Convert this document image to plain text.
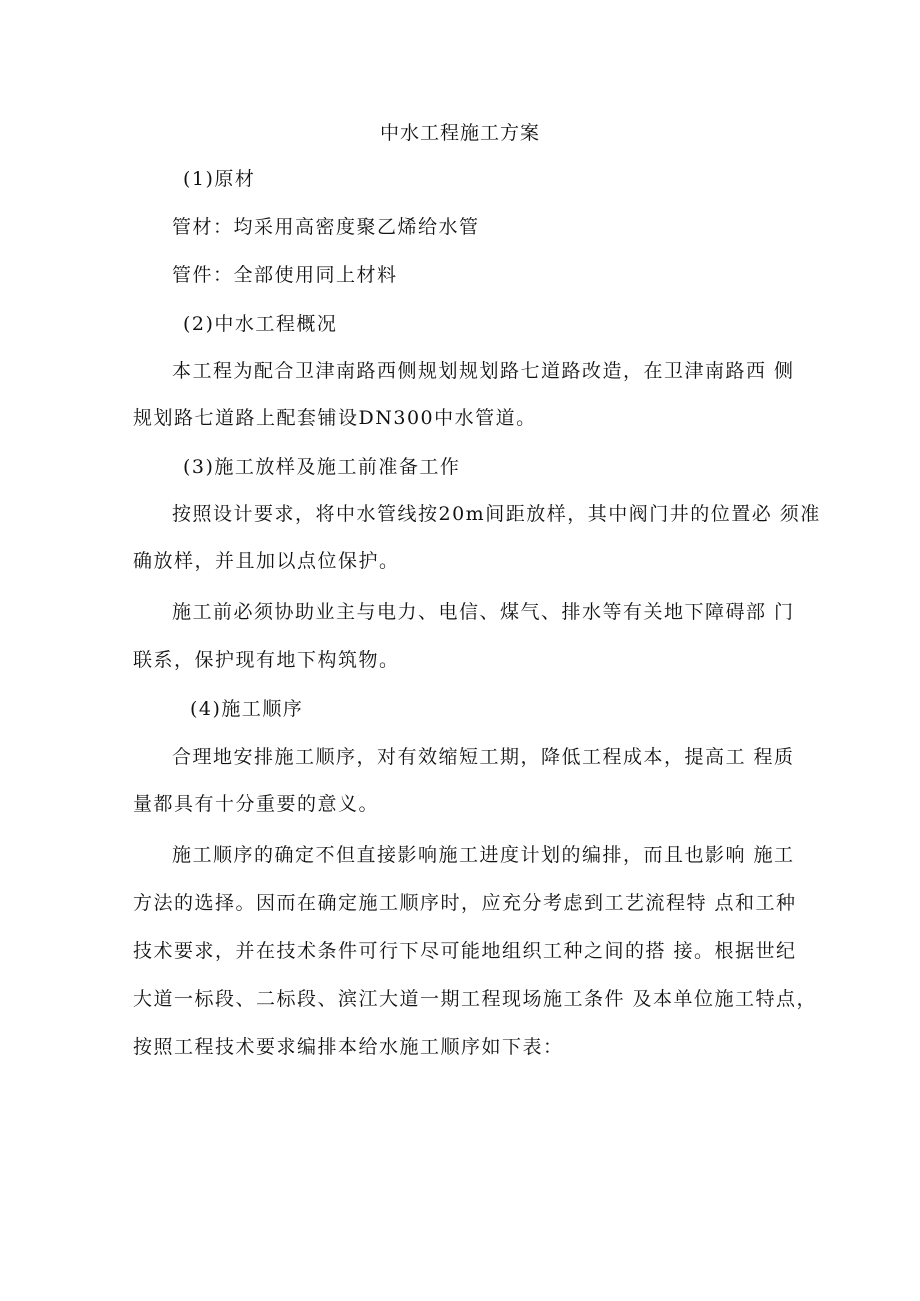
中水工程施工方案
(1)原材
管材：均采用高密度聚乙烯给水管
管件：全部使用同上材料
(2)中水工程概况
本工程为配合卫津南路西侧规划规划路七道路改造，在卫津南路西 侧
规划路七道路上配套铺设DN300中水管道。
(3)施工放样及施工前准备工作
按照设计要求，将中水管线按20m间距放样，其中阀门井的位置必 须准
确放样，并且加以点位保护。
施工前必须协助业主与电力、电信、煤气、排水等有关地下障碍部 门
联系，保护现有地下构筑物。
(4)施工顺序
合理地安排施工顺序，对有效缩短工期，降低工程成本，提高工 程质
量都具有十分重要的意义。
施工顺序的确定不但直接影响施工进度计划的编排，而且也影响 施工
方法的选择。因而在确定施工顺序时，应充分考虑到工艺流程特 点和工种
技术要求，并在技术条件可行下尽可能地组织工种之间的搭 接。根据世纪
大道一标段、二标段、滨江大道一期工程现场施工条件 及本单位施工特点，
按照工程技术要求编排本给水施工顺序如下表：
